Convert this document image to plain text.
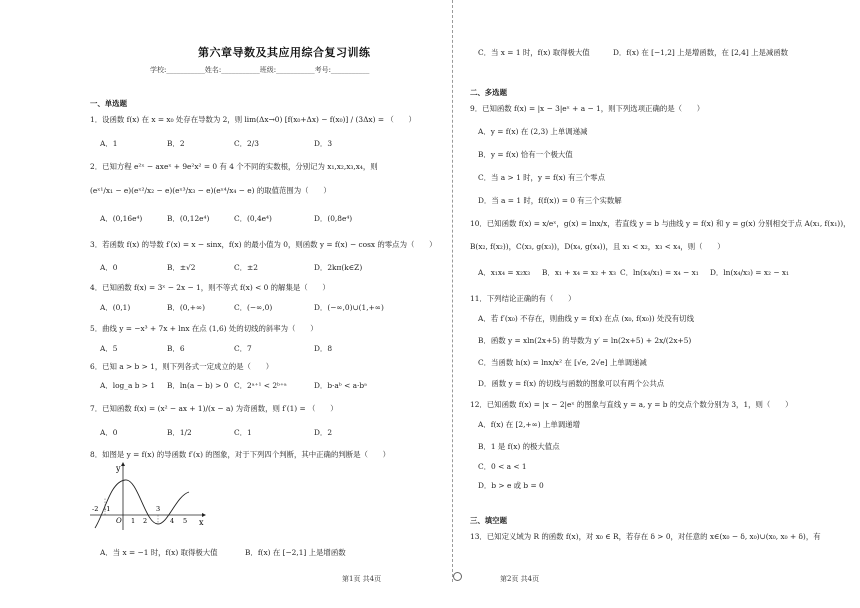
第六章导数及其应用综合复习训练
学校:___________姓名:___________班级:___________考号:___________
一、单选题
1．设函数 f(x) 在 x = x₀ 处存在导数为 2，则 lim(Δx→0) [f(x₀+Δx) − f(x₀)] / (3Δx) = （　　）
A．1	B．2	C．2/3	D．3
2．已知方程 e²ˣ − axeˣ + 9e²x² = 0 有 4 个不同的实数根，分别记为 x₁,x₂,x₃,x₄，则
(eˣ¹/x₁ − e)(eˣ²/x₂ − e)(eˣ³/x₃ − e)(eˣ⁴/x₄ − e) 的取值范围为（　　）
A．(0,16e⁴)	B．(0,12e⁴)	C．(0,4e⁴)	D．(0,8e⁴)
3．若函数 f(x) 的导数 f′(x) = x − sinx，f(x) 的最小值为 0，则函数 y = f(x) − cosx 的零点为（　　）
A．0	B．±√2	C．±2	D．2kπ(k∈Z)
4．已知函数 f(x) = 3ˣ − 2x − 1，则不等式 f(x) < 0 的解集是（　　）
A．(0,1)	B．(0,+∞)	C．(−∞,0)	D．(−∞,0)∪(1,+∞)
5．曲线 y = −x³ + 7x + lnx 在点 (1,6) 处的切线的斜率为（　　）
A．5	B．6	C．7	D．8
6．已知 a > b > 1，则下列各式一定成立的是（　　）
A．log_a b > 1 B．ln(a − b) > 0 C．2ᵃ⁺¹ < 2ᵇ⁺ᵃ	D．b·aᵇ < a·bᵃ
7．已知函数 f(x) = (x² − ax + 1)/(x − a) 为奇函数，则 f′(1) = （　　）
A．0	B．1/2	C．1	D．2
8．如图是 y = f(x) 的导函数 f′(x) 的图象，对于下列四个判断，其中正确的判断是（　　）
y
x
O
-2 -1
1 2
3
4 5
A．当 x = −1 时，f(x) 取得极大值	B．f(x) 在 [−2,1] 上是增函数
C．当 x = 1 时，f(x) 取得极大值	D．f(x) 在 [−1,2] 上是增函数，在 [2,4] 上是减函数
二、多选题
9．已知函数 f(x) = |x − 3|eˣ + a − 1，则下列选项正确的是（　　）
A．y = f(x) 在 (2,3) 上单调递减
B．y = f(x) 恰有一个极大值
C．当 a > 1 时，y = f(x) 有三个零点
D．当 a = 1 时，f(f(x)) = 0 有三个实数解
10．已知函数 f(x) = x/eˣ，g(x) = lnx/x，若直线 y = b 与曲线 y = f(x) 和 y = g(x) 分别相交于点 A(x₁, f(x₁))，
B(x₂, f(x₂))，C(x₃, g(x₃))，D(x₄, g(x₄))，且 x₁ < x₂，x₃ < x₄，则（　　）
A．x₁x₄ = x₂x₃ B．x₁ + x₄ = x₂ + x₃ C．ln(x₄/x₁) = x₄ − x₁ D．ln(x₄/x₃) = x₂ − x₁
11．下列结论正确的有（　　）
A．若 f′(x₀) 不存在，则曲线 y = f(x) 在点 (x₀, f(x₀)) 处没有切线
B．函数 y = xln(2x+5) 的导数为 y′ = ln(2x+5) + 2x/(2x+5)
C．当函数 h(x) = lnx/x² 在 [√e, 2√e] 上单调递减
D．函数 y = f(x) 的切线与函数的图象可以有两个公共点
12．已知函数 f(x) = |x − 2|eˣ 的图象与直线 y = a, y = b 的交点个数分别为 3，1，则（　　）
A．f(x) 在 [2,+∞) 上单调递增
B．1 是 f(x) 的极大值点
C．0 < a < 1
D．b > e 或 b = 0
三、填空题
13．已知定义域为 R 的函数 f(x)，对 x₀ ∈ R，若存在 δ > 0，对任意的 x∈(x₀ − δ, x₀)∪(x₀, x₀ + δ)，有
第1页 共4页	第2页 共4页
